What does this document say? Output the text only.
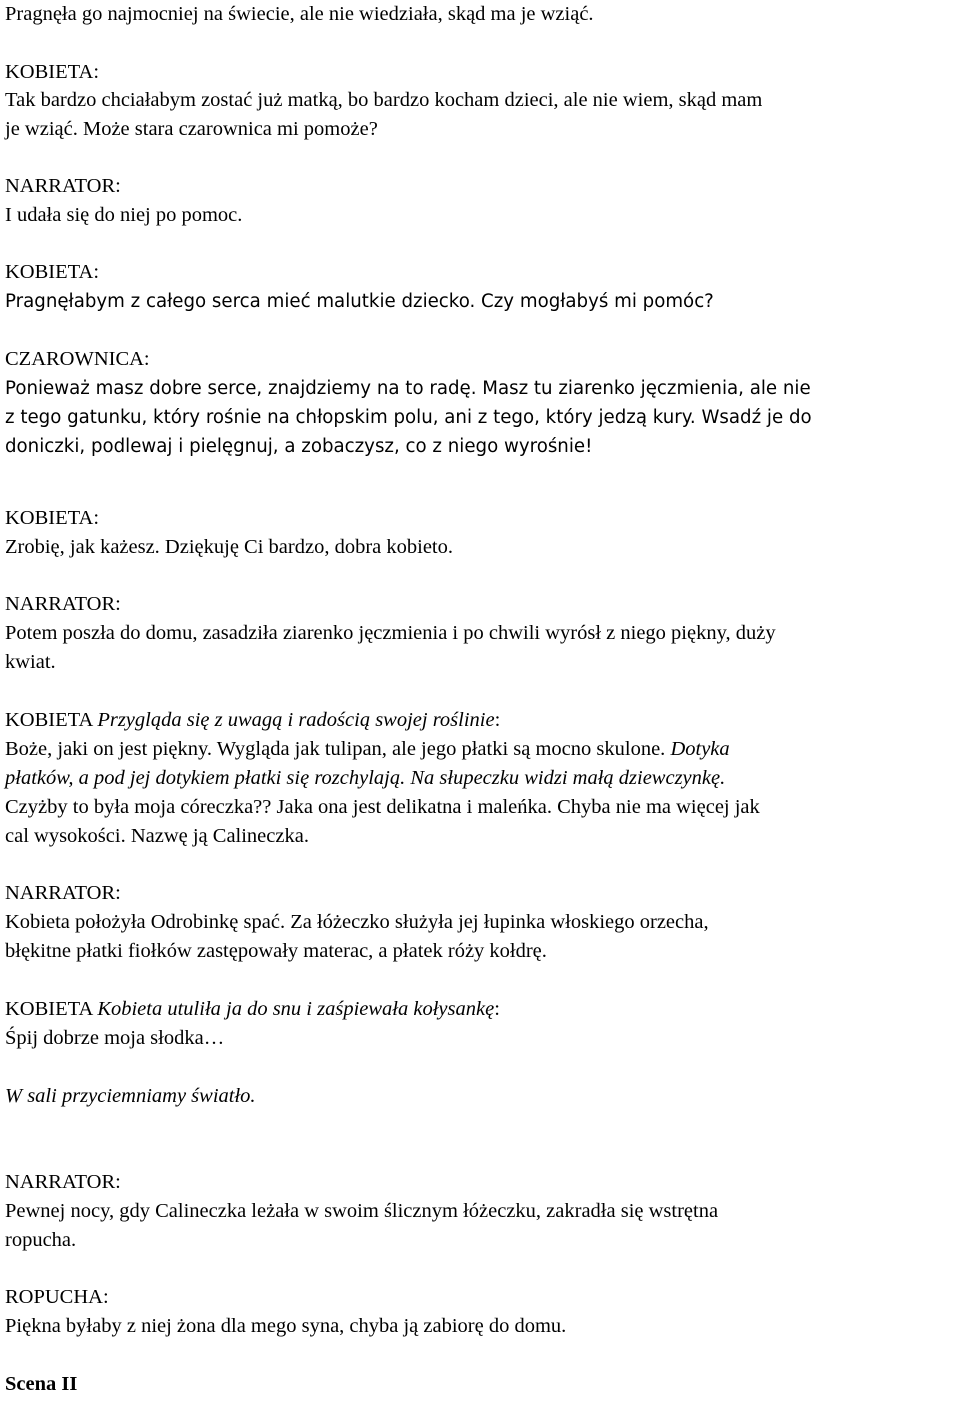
Pragnęła go najmocniej na świecie, ale nie wiedziała, skąd ma je wziąć.
KOBIETA:
Tak bardzo chciałabym zostać już matką, bo bardzo kocham dzieci, ale nie wiem, skąd mam
je wziąć. Może stara czarownica mi pomoże?
NARRATOR:
I udała się do niej po pomoc.
KOBIETA:
Pragnęłabym z całego serca mieć malutkie dziecko. Czy mogłabyś mi pomóc?
CZAROWNICA:
Ponieważ masz dobre serce, znajdziemy na to radę. Masz tu ziarenko jęczmienia, ale nie
z tego gatunku, który rośnie na chłopskim polu, ani z tego, który jedzą kury. Wsadź je do
doniczki, podlewaj i pielęgnuj, a zobaczysz, co z niego wyrośnie!
KOBIETA:
Zrobię, jak każesz. Dziękuję Ci bardzo, dobra kobieto.
NARRATOR:
Potem poszła do domu, zasadziła ziarenko jęczmienia i po chwili wyrósł z niego piękny, duży
kwiat.
KOBIETA Przygląda się z uwagą i radością swojej roślinie:
Boże, jaki on jest piękny. Wygląda jak tulipan, ale jego płatki są mocno skulone. Dotyka
płatków, a pod jej dotykiem płatki się rozchylają. Na słupeczku widzi małą dziewczynkę.
Czyżby to była moja córeczka?? Jaka ona jest delikatna i maleńka. Chyba nie ma więcej jak
cal wysokości. Nazwę ją Calineczka.
NARRATOR:
Kobieta położyła Odrobinkę spać. Za łóżeczko służyła jej łupinka włoskiego orzecha,
błękitne płatki fiołków zastępowały materac, a płatek róży kołdrę.
KOBIETA Kobieta utuliła ja do snu i zaśpiewała kołysankę:
Śpij dobrze moja słodka…
W sali przyciemniamy światło.
NARRATOR:
Pewnej nocy, gdy Calineczka leżała w swoim ślicznym łóżeczku, zakradła się wstrętna
ropucha.
ROPUCHA:
Piękna byłaby z niej żona dla mego syna, chyba ją zabiorę do domu.
Scena II
